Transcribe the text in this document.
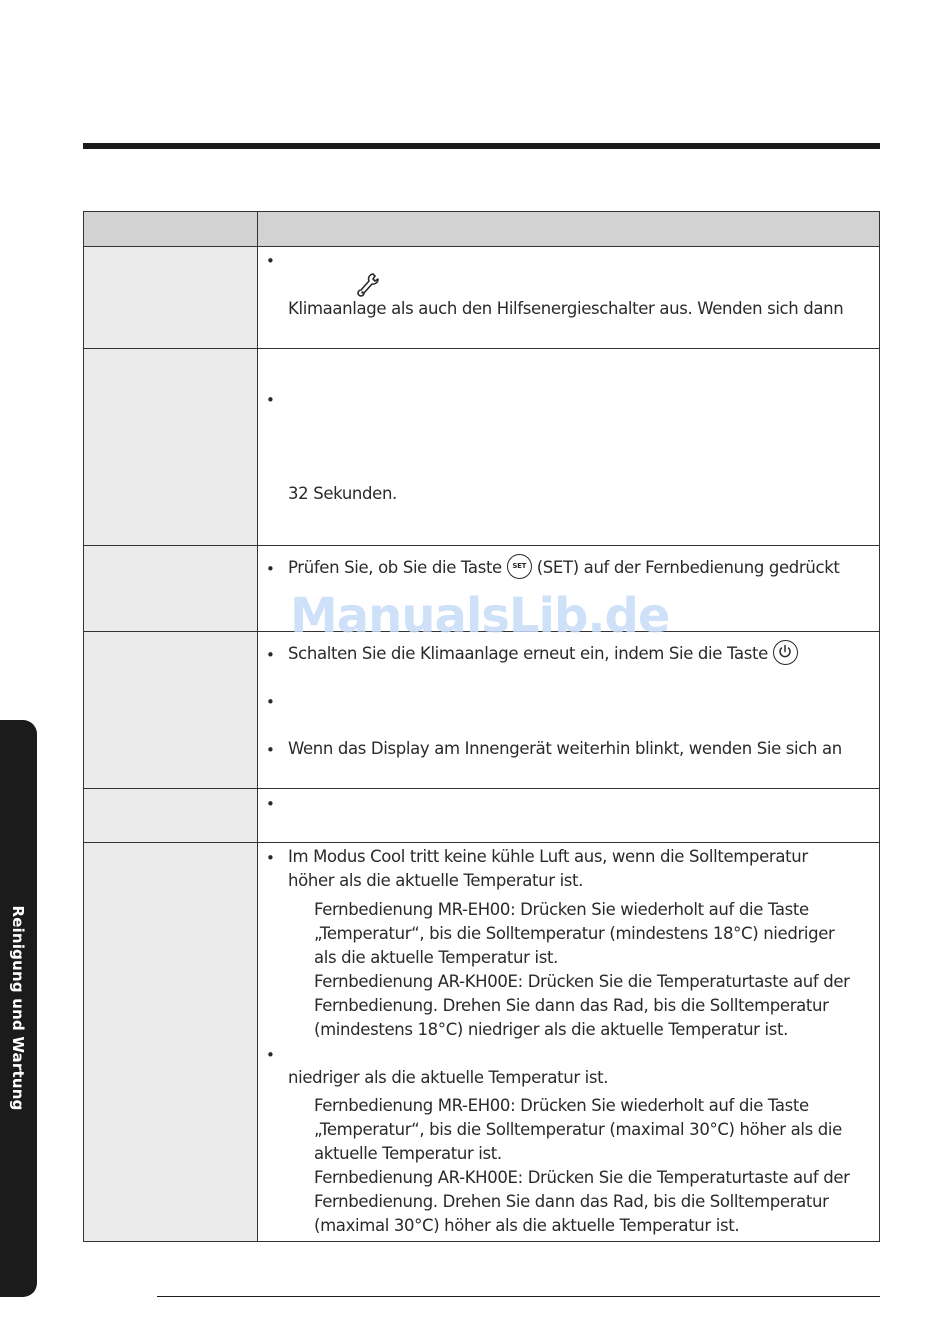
•
Klimaanlage als auch den Hilfsenergieschalter aus. Wenden sich dann
•
32 Sekunden.
• Prüfen Sie, ob Sie die Taste SET (SET) auf der Fernbedienung gedrückt
ManualsLib.de
• Schalten Sie die Klimaanlage erneut ein, indem Sie die Taste
•
• Wenn das Display am Innengerät weiterhin blinkt, wenden Sie sich an
•
• Im Modus Cool tritt keine kühle Luft aus, wenn die Solltemperatur
höher als die aktuelle Temperatur ist.
Fernbedienung MR-EH00: Drücken Sie wiederholt auf die Taste
„Temperatur“, bis die Solltemperatur (mindestens 18°C) niedriger
als die aktuelle Temperatur ist.
Fernbedienung AR-KH00E: Drücken Sie die Temperaturtaste auf der
Fernbedienung. Drehen Sie dann das Rad, bis die Solltemperatur
(mindestens 18°C) niedriger als die aktuelle Temperatur ist.
•
niedriger als die aktuelle Temperatur ist.
Fernbedienung MR-EH00: Drücken Sie wiederholt auf die Taste
„Temperatur“, bis die Solltemperatur (maximal 30°C) höher als die
aktuelle Temperatur ist.
Fernbedienung AR-KH00E: Drücken Sie die Temperaturtaste auf der
Fernbedienung. Drehen Sie dann das Rad, bis die Solltemperatur
(maximal 30°C) höher als die aktuelle Temperatur ist.
Reinigung und Wartung
